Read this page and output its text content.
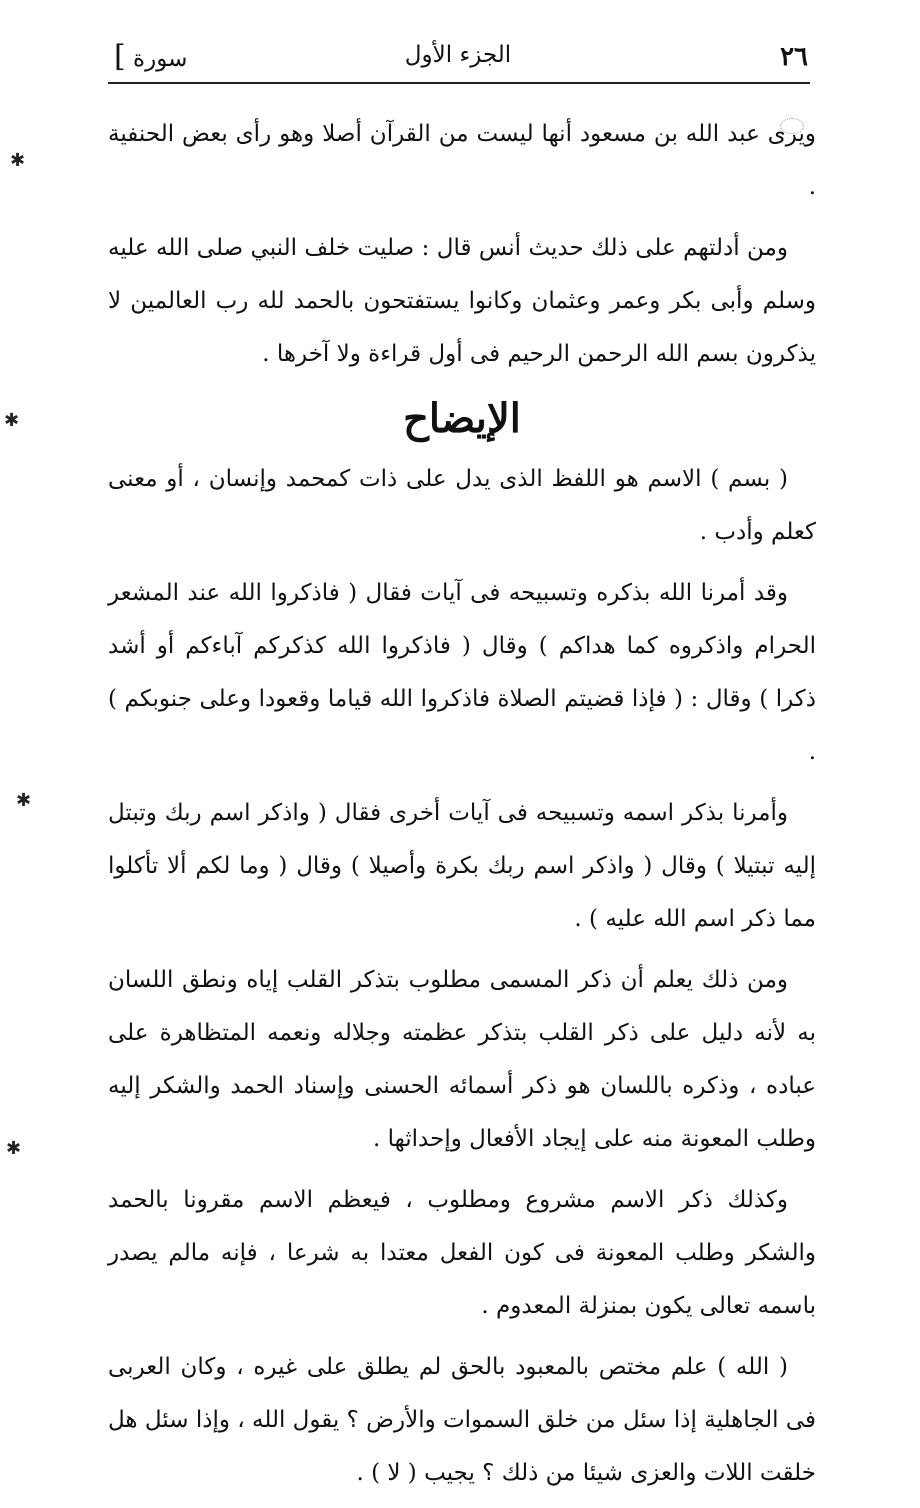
٢٦
الجزء الأول
سورة ]

ويرى عبد الله بن مسعود أنها ليست من القرآن أصلا وهو رأى بعض الحنفية .

ومن أدلتهم على ذلك حديث أنس قال : صليت خلف النبي صلى الله عليه وسلم وأبى بكر وعمر وعثمان وكانوا يستفتحون بالحمد لله رب العالمين لا يذكرون بسم الله الرحمن الرحيم فى أول قراءة ولا آخرها .

الإيضاح

( بسم ) الاسم هو اللفظ الذى يدل على ذات كمحمد وإنسان ، أو معنى كعلم وأدب .

وقد أمرنا الله بذكره وتسبيحه فى آيات فقال ( فاذكروا الله عند المشعر الحرام واذكروه كما هداكم ) وقال ( فاذكروا الله كذكركم آباءكم أو أشد ذكرا ) وقال : ( فإذا قضيتم الصلاة فاذكروا الله قياما وقعودا وعلى جنوبكم ) .

وأمرنا بذكر اسمه وتسبيحه فى آيات أخرى فقال ( واذكر اسم ربك وتبتل إليه تبتيلا ) وقال ( واذكر اسم ربك بكرة وأصيلا ) وقال ( وما لكم ألا تأكلوا مما ذكر اسم الله عليه ) .

ومن ذلك يعلم أن ذكر المسمى مطلوب بتذكر القلب إياه ونطق اللسان به لأنه دليل على ذكر القلب بتذكر عظمته وجلاله ونعمه المتظاهرة على عباده ، وذكره باللسان هو ذكر أسمائه الحسنى وإسناد الحمد والشكر إليه وطلب المعونة منه على إيجاد الأفعال وإحداثها .

وكذلك ذكر الاسم مشروع ومطلوب ، فيعظم الاسم مقرونا بالحمد والشكر وطلب المعونة فى كون الفعل معتدا به شرعا ، فإنه مالم يصدر باسمه تعالى يكون بمنزلة المعدوم .

( الله ) علم مختص بالمعبود بالحق لم يطلق على غيره ، وكان العربى فى الجاهلية إذا سئل من خلق السموات والأرض ؟ يقول الله ، وإذا سئل هل خلقت اللات والعزى شيئا من ذلك ؟ يجيب ( لا ) .

✱
✱
✱
✱
